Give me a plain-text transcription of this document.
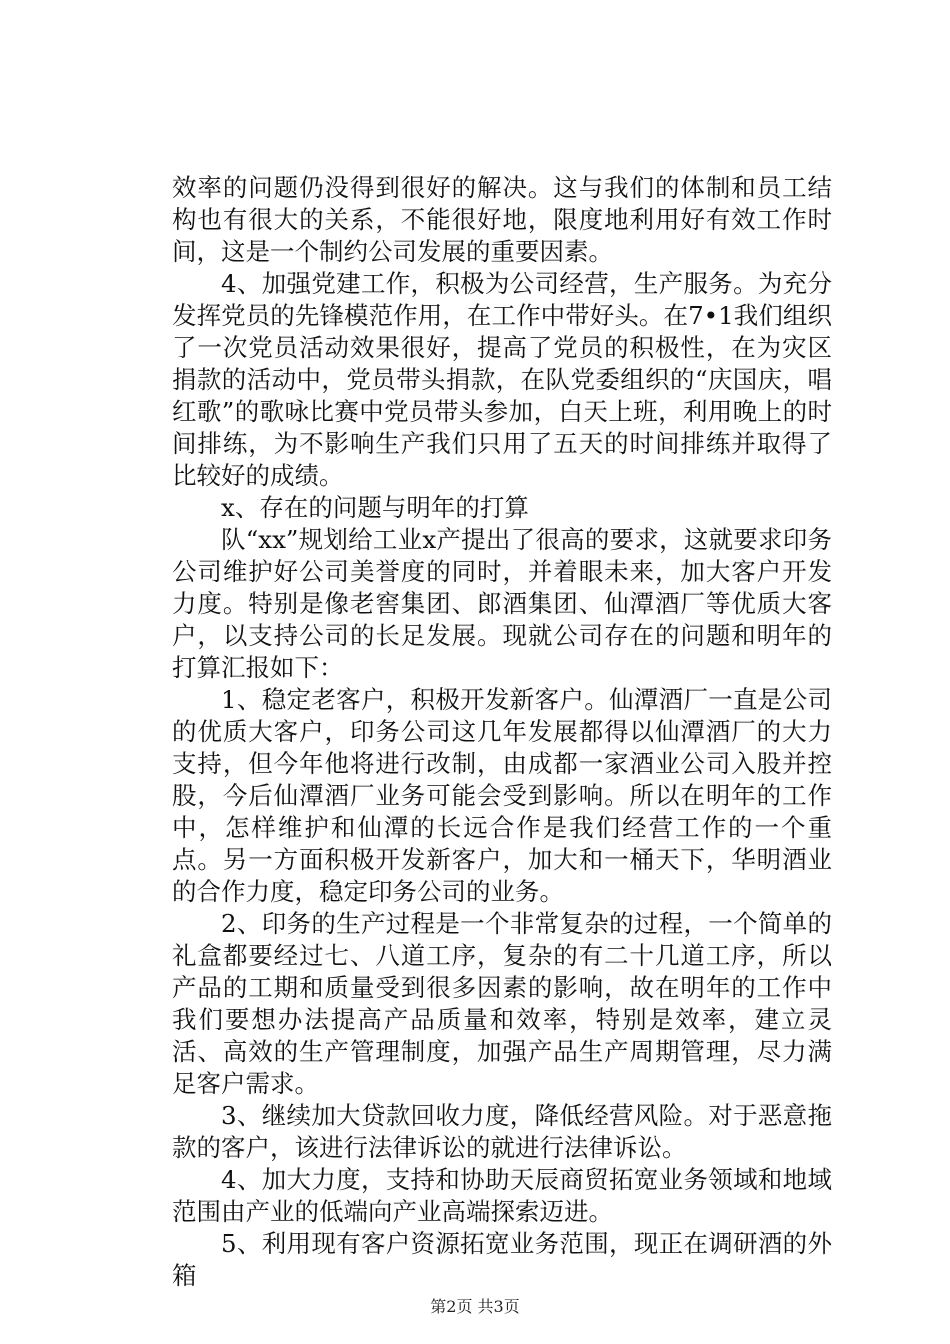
效率的问题仍没得到很好的解决。这与我们的体制和员工结构也有很大的关系，不能很好地，限度地利用好有效工作时间，这是一个制约公司发展的重要因素。

4、加强党建工作，积极为公司经营，生产服务。为充分发挥党员的先锋模范作用，在工作中带好头。在7•1我们组织了一次党员活动效果很好，提高了党员的积极性，在为灾区捐款的活动中，党员带头捐款，在队党委组织的“庆国庆，唱红歌”的歌咏比赛中党员带头参加，白天上班，利用晚上的时间排练，为不影响生产我们只用了五天的时间排练并取得了比较好的成绩。

x、存在的问题与明年的打算

队“xx”规划给工业x产提出了很高的要求，这就要求印务公司维护好公司美誉度的同时，并着眼未来，加大客户开发力度。特别是像老窖集团、郎酒集团、仙潭酒厂等优质大客户，以支持公司的长足发展。现就公司存在的问题和明年的打算汇报如下：

1、稳定老客户，积极开发新客户。仙潭酒厂一直是公司的优质大客户，印务公司这几年发展都得以仙潭酒厂的大力支持，但今年他将进行改制，由成都一家酒业公司入股并控股，今后仙潭酒厂业务可能会受到影响。所以在明年的工作中，怎样维护和仙潭的长远合作是我们经营工作的一个重点。另一方面积极开发新客户，加大和一桶天下，华明酒业的合作力度，稳定印务公司的业务。

2、印务的生产过程是一个非常复杂的过程，一个简单的礼盒都要经过七、八道工序，复杂的有二十几道工序，所以产品的工期和质量受到很多因素的影响，故在明年的工作中我们要想办法提高产品质量和效率，特别是效率，建立灵活、高效的生产管理制度，加强产品生产周期管理，尽力满足客户需求。

3、继续加大贷款回收力度，降低经营风险。对于恶意拖款的客户，该进行法律诉讼的就进行法律诉讼。

4、加大力度，支持和协助天辰商贸拓宽业务领域和地域范围由产业的低端向产业高端探索迈进。

5、利用现有客户资源拓宽业务范围，现正在调研酒的外箱

第2页 共3页
